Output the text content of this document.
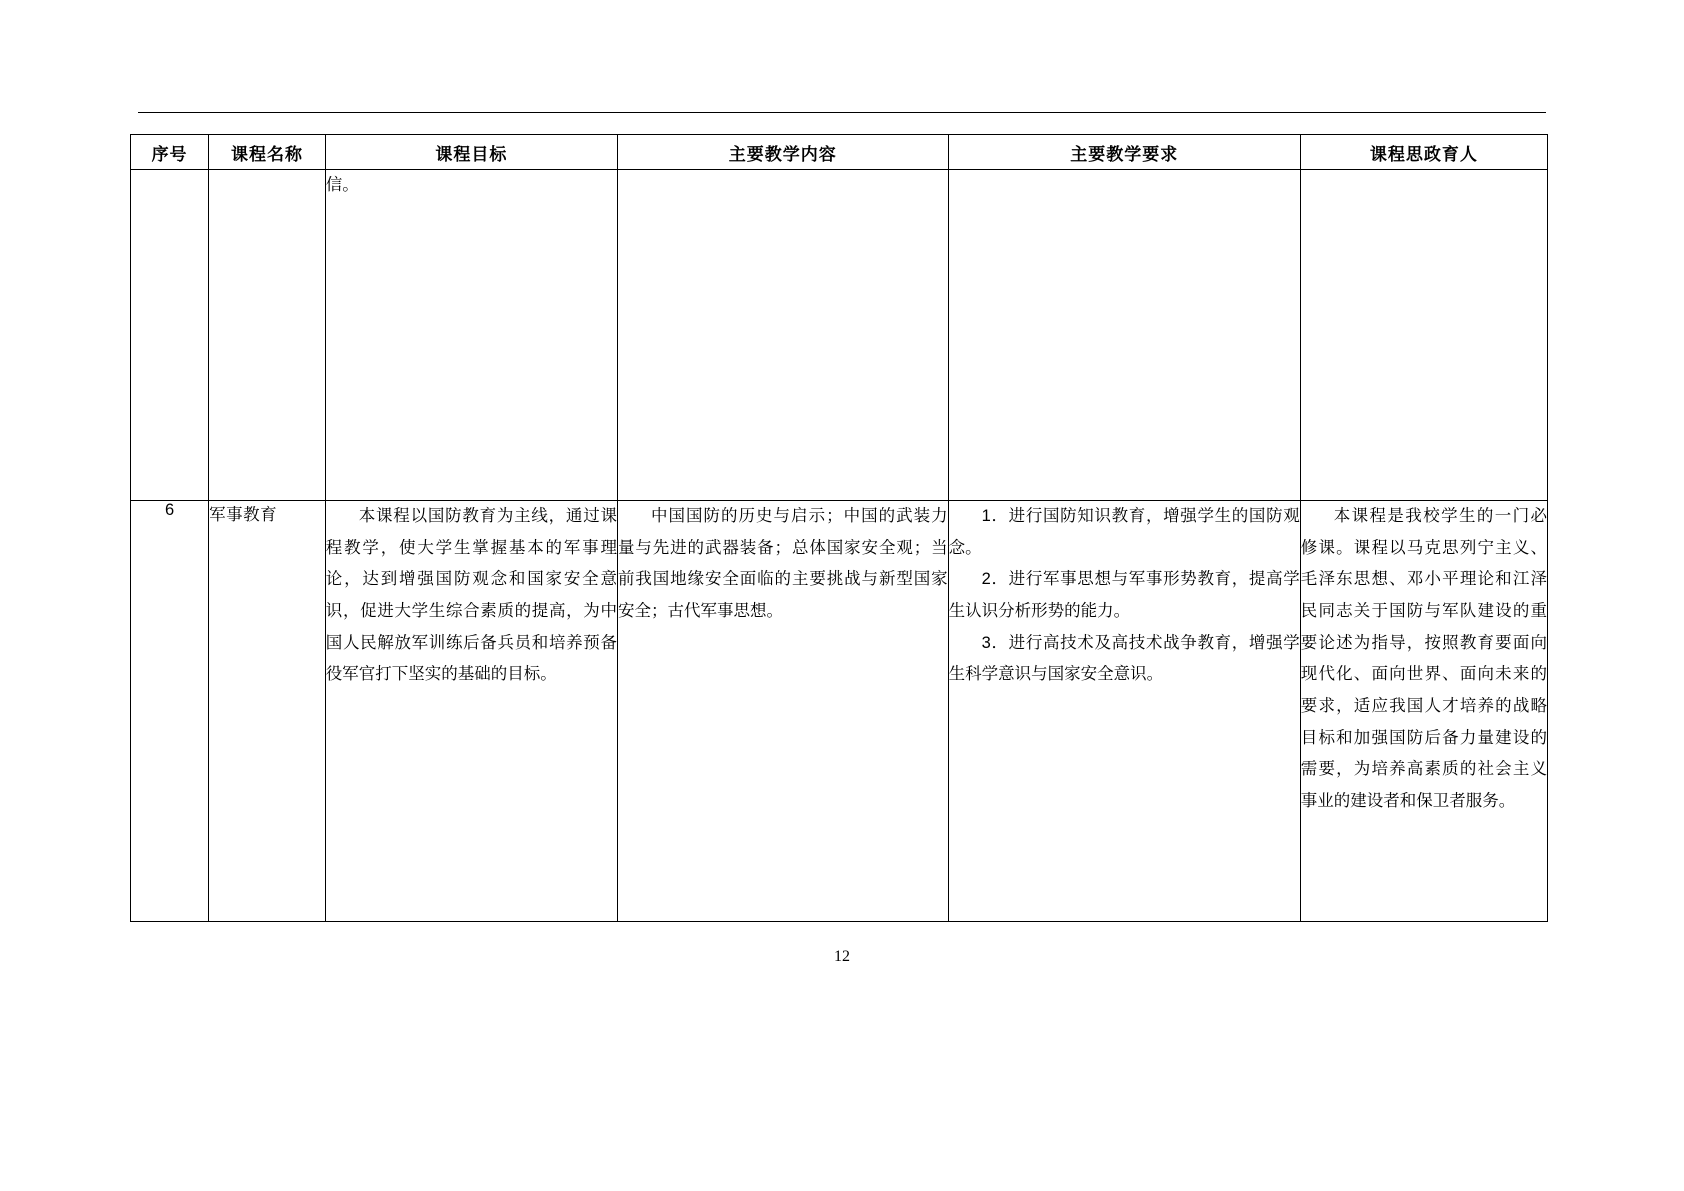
序号	课程名称	课程目标	主要教学内容	主要教学要求	课程思政育人
		信。			
6	军事教育	本课程以国防教育为主线，通过课程教学，使大学生掌握基本的军事理论，达到增强国防观念和国家安全意识，促进大学生综合素质的提高，为中国人民解放军训练后备兵员和培养预备役军官打下坚实的基础的目标。	中国国防的历史与启示；中国的武装力量与先进的武器装备；总体国家安全观；当前我国地缘安全面临的主要挑战与新型国家安全；古代军事思想。	1．进行国防知识教育，增强学生的国防观念。

2．进行军事思想与军事形势教育，提高学生认识分析形势的能力。

3．进行高技术及高技术战争教育，增强学生科学意识与国家安全意识。	本课程是我校学生的一门必修课。课程以马克思列宁主义、毛泽东思想、邓小平理论和江泽民同志关于国防与军队建设的重要论述为指导，按照教育要面向现代化、面向世界、面向未来的要求，适应我国人才培养的战略目标和加强国防后备力量建设的需要，为培养高素质的社会主义事业的建设者和保卫者服务。
12
